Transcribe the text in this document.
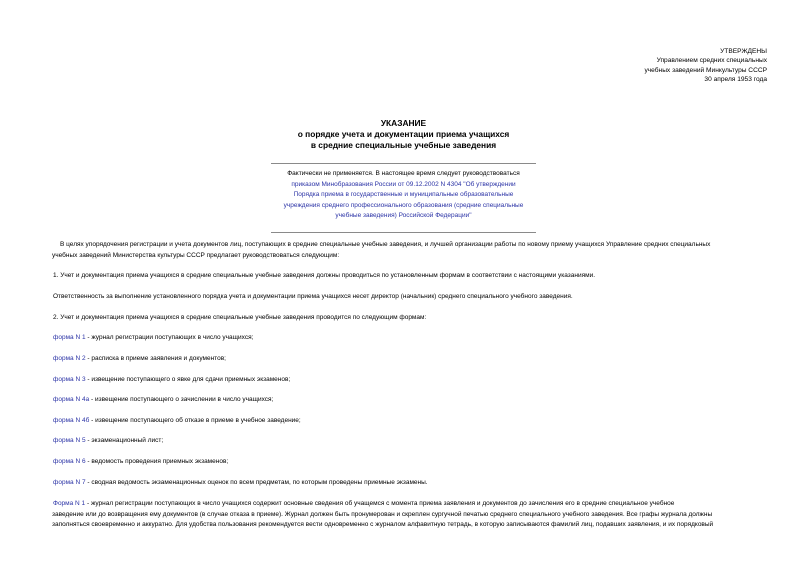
УТВЕРЖДЕНЫ
Управлением средних специальных
учебных заведений Минкультуры СССР
30 апреля 1953 года
УКАЗАНИЕ
о порядке учета и документации приема учащихся
в средние специальные учебные заведения
Фактически не применяется. В настоящее время следует руководствоваться
приказом Минобразования России от 09.12.2002 N 4304 "Об утверждении
Порядка приема в государственные и муниципальные образовательные
учреждения среднего профессионального образования (средние специальные
учебные заведения) Российской Федерации"
В целях упорядочения регистрации и учета документов лиц, поступающих в средние специальные учебные заведения, и лучшей организации работы по новому приему учащихся Управление средних специальных
учебных заведений Министерства культуры СССР предлагает руководствоваться следующим:
1. Учет и документация приема учащихся в средние специальные учебные заведения должны проводиться по установленным формам в соответствии с настоящими указаниями.
Ответственность за выполнение установленного порядка учета и документации приема учащихся несет директор (начальник) среднего специального учебного заведения.
2. Учет и документация приема учащихся в средние специальные учебные заведения проводится по следующим формам:
форма N 1 - журнал регистрации поступающих в число учащихся;
форма N 2 - расписка в приеме заявления и документов;
форма N 3 - извещение поступающего о явке для сдачи приемных экзаменов;
форма N 4а - извещение поступающего о зачислении в число учащихся;
форма N 4б - извещение поступающего об отказе в приеме в учебное заведение;
форма N 5 - экзаменационный лист;
форма N 6 - ведомость проведения приемных экзаменов;
форма N 7 - сводная ведомость экзаменационных оценок по всем предметам, по которым проведены приемные экзамены.
Форма N 1 - журнал регистрации поступающих в число учащихся содержит основные сведения об учащемся с момента приема заявления и документов до зачисления его в средние специальное учебное
заведение или до возвращения ему документов (в случае отказа в приеме). Журнал должен быть пронумерован и скреплен сургучной печатью среднего специального учебного заведения. Все графы журнала должны
заполняться своевременно и аккуратно. Для удобства пользования рекомендуется вести одновременно с журналом алфавитную тетрадь, в которую записываются фамилий лиц, подавших заявления, и их порядковый
